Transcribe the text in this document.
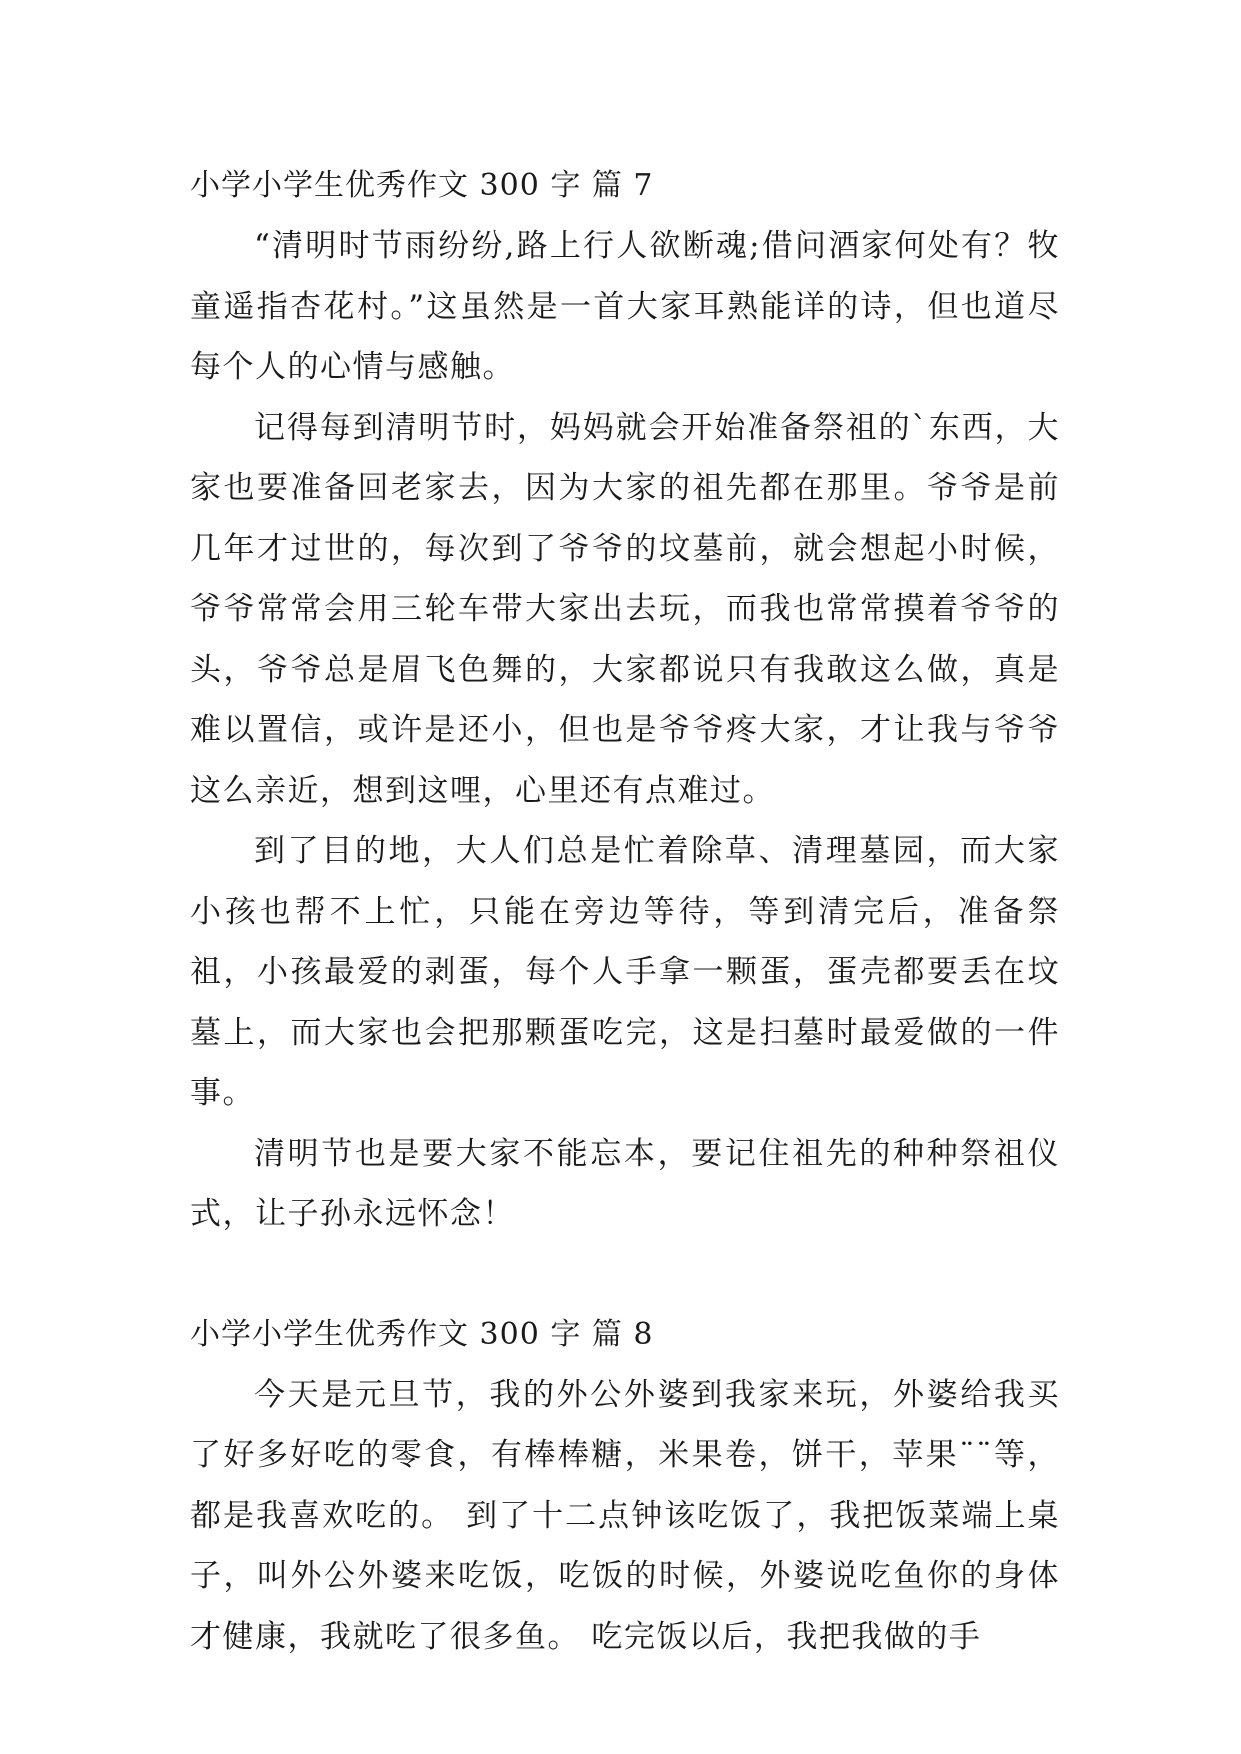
小学小学生优秀作文 300 字 篇 7

“清明时节雨纷纷,路上行人欲断魂;借问酒家何处有？牧童遥指杏花村。”这虽然是一首大家耳熟能详的诗，但也道尽每个人的心情与感触。

记得每到清明节时，妈妈就会开始准备祭祖的`东西，大家也要准备回老家去，因为大家的祖先都在那里。爷爷是前几年才过世的，每次到了爷爷的坟墓前，就会想起小时候，爷爷常常会用三轮车带大家出去玩，而我也常常摸着爷爷的头，爷爷总是眉飞色舞的，大家都说只有我敢这么做，真是难以置信，或许是还小，但也是爷爷疼大家，才让我与爷爷这么亲近，想到这哩，心里还有点难过。

到了目的地，大人们总是忙着除草、清理墓园，而大家小孩也帮不上忙，只能在旁边等待，等到清完后，准备祭祖，小孩最爱的剥蛋，每个人手拿一颗蛋，蛋壳都要丢在坟墓上，而大家也会把那颗蛋吃完，这是扫墓时最爱做的一件事。

清明节也是要大家不能忘本，要记住祖先的种种祭祖仪式，让子孙永远怀念！

小学小学生优秀作文 300 字 篇 8

今天是元旦节，我的外公外婆到我家来玩，外婆给我买了好多好吃的零食，有棒棒糖，米果卷，饼干，苹果¨¨等，都是我喜欢吃的。 到了十二点钟该吃饭了，我把饭菜端上桌子，叫外公外婆来吃饭，吃饭的时候，外婆说吃鱼你的身体才健康，我就吃了很多鱼。 吃完饭以后，我把我做的手
